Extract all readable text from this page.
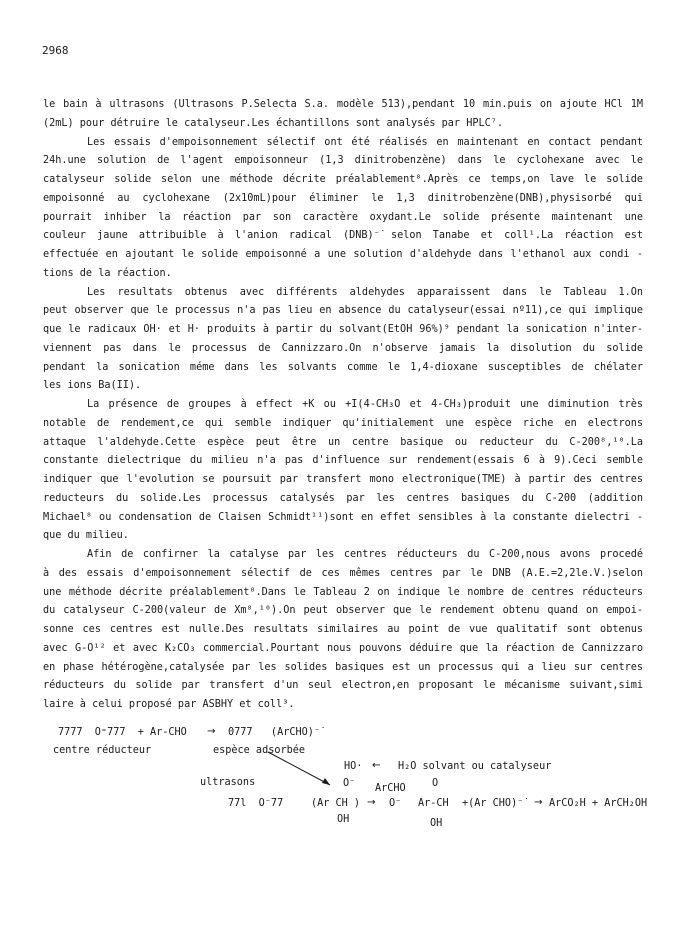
2968
le bain à ultrasons (Ultrasons P.Selecta S.a. modèle 513),pendant 10 min.puis on ajoute HCl 1M
(2mL) pour détruire le catalyseur.Les échantillons sont analysés par HPLC⁷.
Les essais d'empoisonnement sélectif ont été réalisés en maintenant en contact pendant
24h.une solution de l'agent empoisonneur (1,3 dinitrobenzène) dans le cyclohexane avec le
catalyseur solide selon une méthode décrite préalablement⁸.Après ce temps,on lave le solide
empoisonné au cyclohexane (2x10mL)pour éliminer le 1,3 dinitrobenzène(DNB),physisorbé qui
pourrait inhiber la réaction par son caractère oxydant.Le solide présente maintenant une
couleur jaune attribuible à l'anion radical (DNB)⁻̇ selon Tanabe et coll¹.La réaction est
effectuée en ajoutant le solide empoisonné a une solution d'aldehyde dans l'ethanol aux condi -
tions de la réaction.
Les resultats obtenus avec différents aldehydes apparaissent dans le Tableau 1.On
peut observer que le processus n'a pas lieu en absence du catalyseur(essai nº11),ce qui implique
que le radicaux OH· et H· produits à partir du solvant(EtOH 96%)⁹ pendant la sonication n'inter-
viennent pas dans le processus de Cannizzaro.On n'observe jamais la disolution du solide
pendant la sonication méme dans les solvants comme le 1,4-dioxane susceptibles de chélater
les ions Ba(II).
La présence de groupes à effect +K ou +I(4-CH₃O et 4-CH₃)produit une diminution très
notable de rendement,ce qui semble indiquer qu'initialement une espèce riche en electrons
attaque l'aldehyde.Cette espèce peut être un centre basique ou reducteur du C-200⁸,¹⁰.La
constante dielectrique du milieu n'a pas d'influence sur rendement(essais 6 à 9).Ceci semble
indiquer que l'evolution se poursuit par transfert mono electronique(TME) à partir des centres
reducteurs du solide.Les processus catalysés par les centres basiques du C-200 (addition
Michael⁸ ou condensation de Claisen Schmidt¹¹)sont en effet sensibles à la constante dielectri -
que du milieu.
Afin de confirner la catalyse par les centres réducteurs du C-200,nous avons procedé
à des essais d'empoisonnement sélectif de ces mêmes centres par le DNB (A.E.=2,2le.V.)selon
une méthode décrite préalablement⁸.Dans le Tableau 2 on indique le nombre de centres réducteurs
du catalyseur C-200(valeur de Xm⁸,¹⁰).On peut observer que le rendement obtenu quand on empoi-
sonne ces centres est nulle.Des resultats similaires au point de vue qualitatif sont obtenus
avec G-O¹² et avec K₂CO₃ commercial.Pourtant nous pouvons déduire que la réaction de Cannizzaro
en phase hétérogène,catalysée par les solides basiques est un processus qui a lieu sur centres
réducteurs du solide par transfert d'un seul electron,en proposant le mécanisme suivant,simi
laire à celui proposé par ASBHY et coll³.
7777  O⁼777  + Ar-CHO → 0777   (ArCHO)⁻̇
centre réducteur	espèce adsorbée
HO· ← H₂O solvant ou catalyseur
ultrasons	O⁻ ArCHO	O
77l  O⁻77	(Ar CH ) → O⁻ Ar-CH +(Ar CHO)⁻̇ → ArCO₂H + ArCH₂OH
OH	OH
